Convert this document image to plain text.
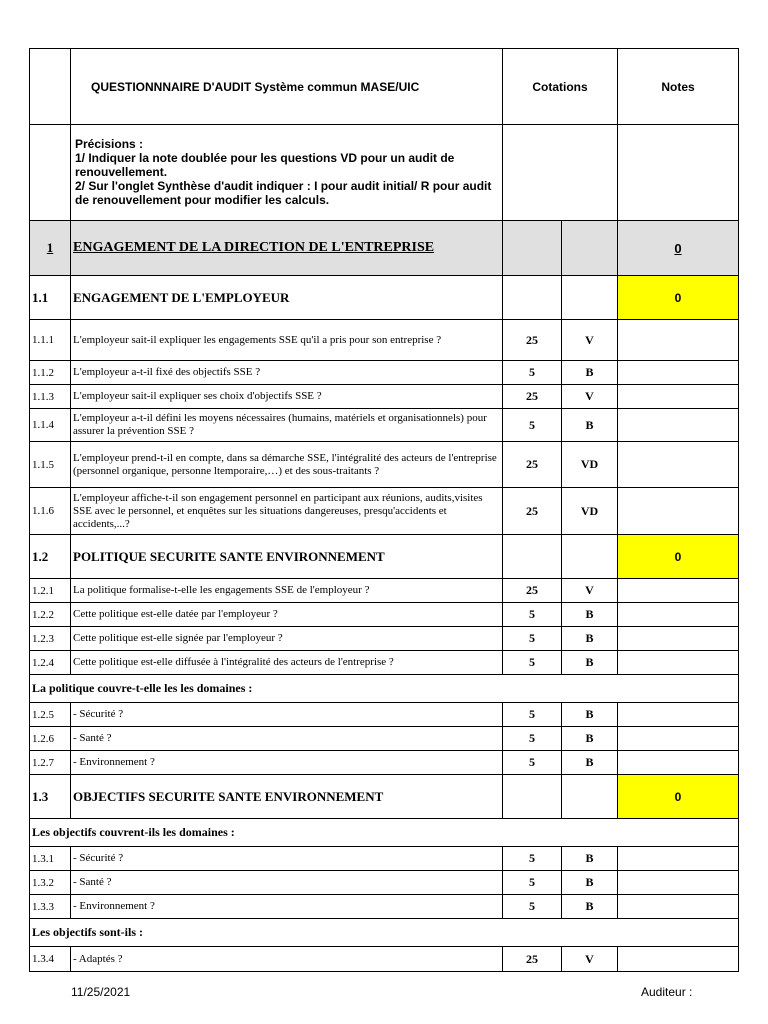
	QUESTIONNNAIRE D'AUDIT Système commun MASE/UIC	Cotations		Notes

	Précisions :
1/ Indiquer la note doublée pour les questions VD pour un audit de renouvellement.
2/ Sur l'onglet Synthèse d'audit indiquer : I pour audit initial/ R pour audit de renouvellement pour modifier les calculs.			

1	ENGAGEMENT DE LA DIRECTION DE L'ENTREPRISE			0
1.1	ENGAGEMENT DE L'EMPLOYEUR			0
1.1.1	L'employeur sait-il expliquer les engagements SSE qu'il a pris pour son entreprise ?	25	V	
1.1.2	L'employeur a-t-il fixé des objectifs SSE ?	5	B	
1.1.3	L'employeur sait-il expliquer ses choix d'objectifs SSE ?	25	V	
1.1.4	L'employeur a-t-il défini les moyens nécessaires (humains, matériels et organisationnels) pour assurer la prévention SSE ?	5	B	
1.1.5	L'employeur prend-t-il en compte, dans sa démarche SSE, l'intégralité des acteurs de l'entreprise (personnel organique, personne ltemporaire,…) et des sous-traitants ?	25	VD	
1.1.6	L'employeur affiche-t-il son engagement personnel en participant aux réunions, audits,visites SSE avec le personnel, et enquêtes sur les situations dangereuses, presqu'accidents et accidents,...?	25	VD	
1.2	POLITIQUE SECURITE SANTE ENVIRONNEMENT			0
1.2.1	La politique formalise-t-elle les engagements SSE de l'employeur ?	25	V	
1.2.2	Cette politique est-elle datée par l'employeur ?	5	B	
1.2.3	Cette politique est-elle signée par l'employeur ?	5	B	
1.2.4	Cette politique est-elle diffusée à l'intégralité des acteurs de l'entreprise ?	5	B	
La politique couvre-t-elle les les domaines :				
1.2.5	- Sécurité ?	5	B	
1.2.6	- Santé ?	5	B	
1.2.7	- Environnement ?	5	B	
1.3	OBJECTIFS SECURITE SANTE ENVIRONNEMENT			0
Les objectifs couvrent-ils les domaines :				
1.3.1	- Sécurité ?	5	B	
1.3.2	- Santé ?	5	B	
1.3.3	- Environnement ?	5	B	
Les objectifs sont-ils :				
1.3.4	- Adaptés ?	25	V	
11/25/2021	Auditeur :
